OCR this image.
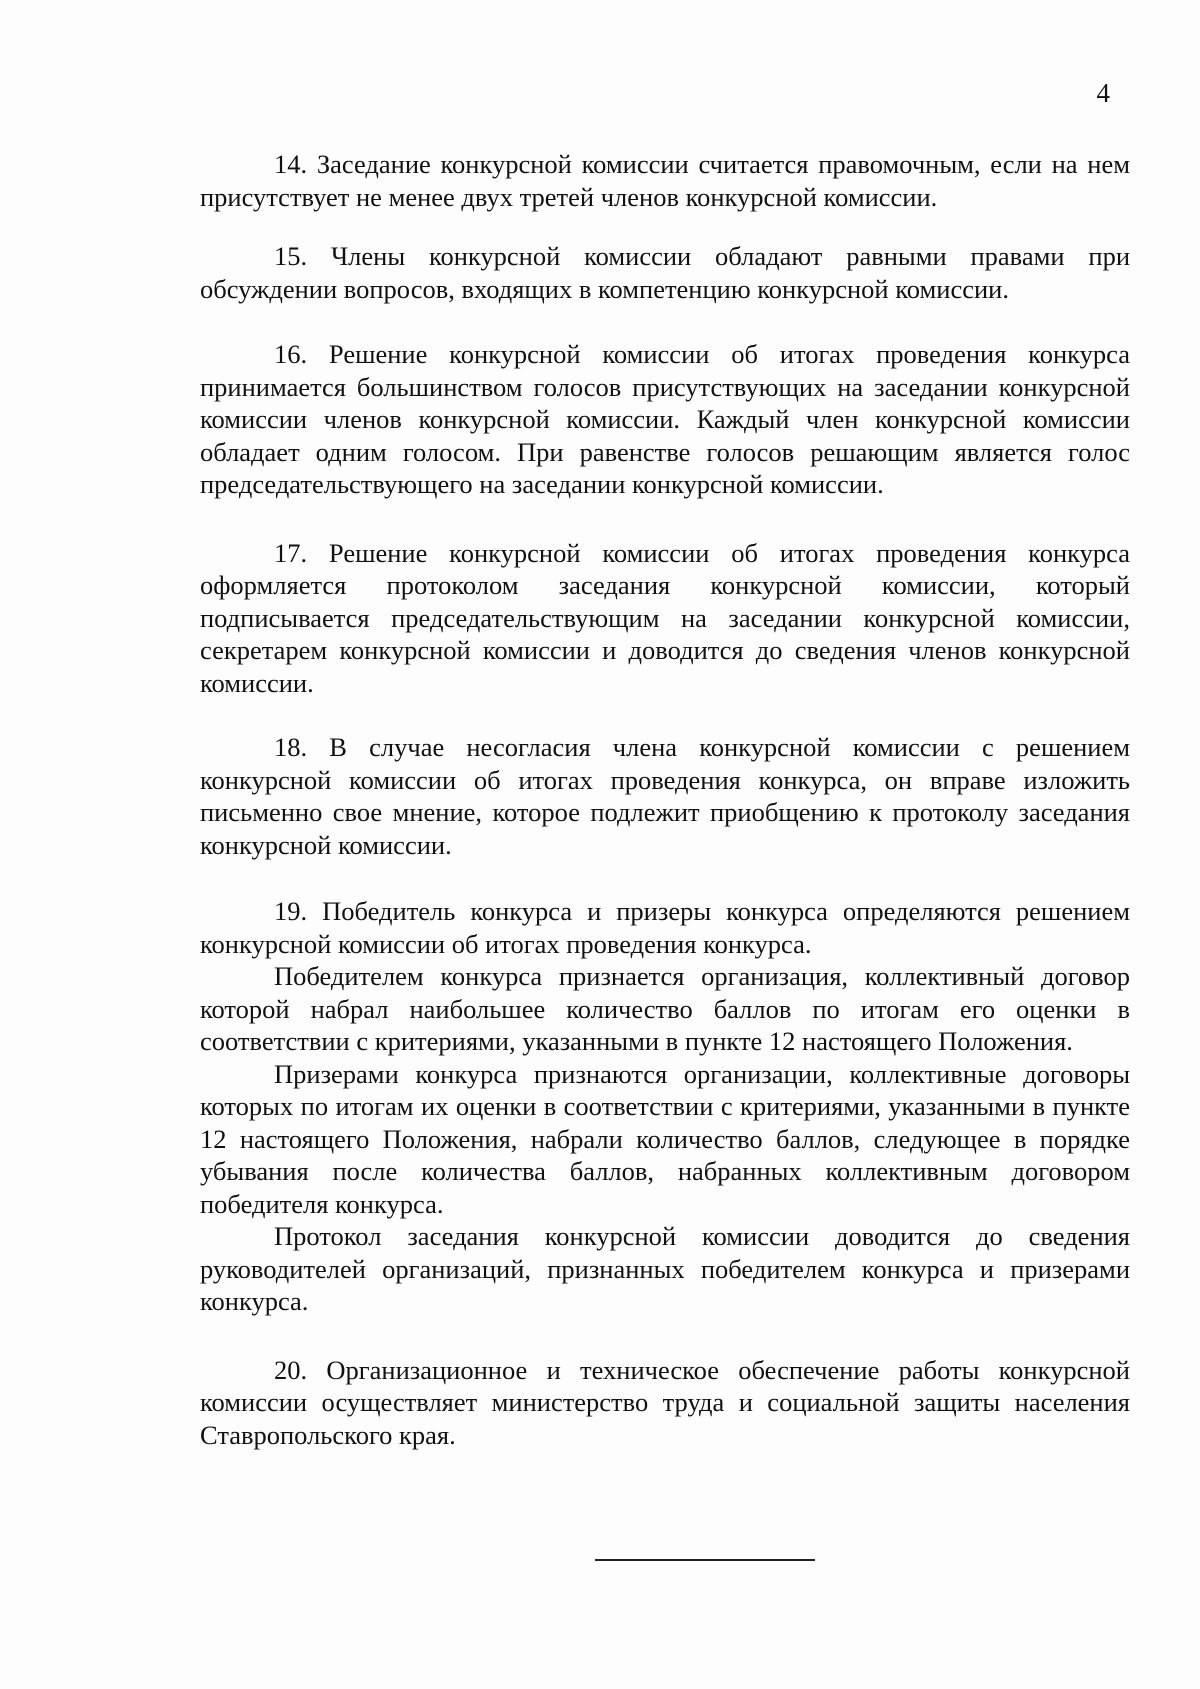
4

14. Заседание конкурсной комиссии считается правомочным, если на нем присутствует не менее двух третей членов конкурсной комиссии.

15. Члены конкурсной комиссии обладают равными правами при обсуждении вопросов, входящих в компетенцию конкурсной комиссии.

16. Решение конкурсной комиссии об итогах проведения конкурса принимается большинством голосов присутствующих на заседании конкурсной комиссии членов конкурсной комиссии. Каждый член конкурсной комиссии обладает одним голосом. При равенстве голосов решающим является голос председательствующего на заседании конкурсной комиссии.

17. Решение конкурсной комиссии об итогах проведения конкурса оформляется протоколом заседания конкурсной комиссии, который подписывается председательствующим на заседании конкурсной комиссии, секретарем конкурсной комиссии и доводится до сведения членов конкурсной комиссии.

18. В случае несогласия члена конкурсной комиссии с решением конкурсной комиссии об итогах проведения конкурса, он вправе изложить письменно свое мнение, которое подлежит приобщению к протоколу заседания конкурсной комиссии.

19. Победитель конкурса и призеры конкурса определяются решением конкурсной комиссии об итогах проведения конкурса.

Победителем конкурса признается организация, коллективный договор которой набрал наибольшее количество баллов по итогам его оценки в соответствии с критериями, указанными в пункте 12 настоящего Положения.

Призерами конкурса признаются организации, коллективные договоры которых по итогам их оценки в соответствии с критериями, указанными в пункте 12 настоящего Положения, набрали количество баллов, следующее в порядке убывания после количества баллов, набранных коллективным договором победителя конкурса.

Протокол заседания конкурсной комиссии доводится до сведения руководителей организаций, признанных победителем конкурса и призерами конкурса.

20. Организационное и техническое обеспечение работы конкурсной комиссии осуществляет министерство труда и социальной защиты населения Ставропольского края.
